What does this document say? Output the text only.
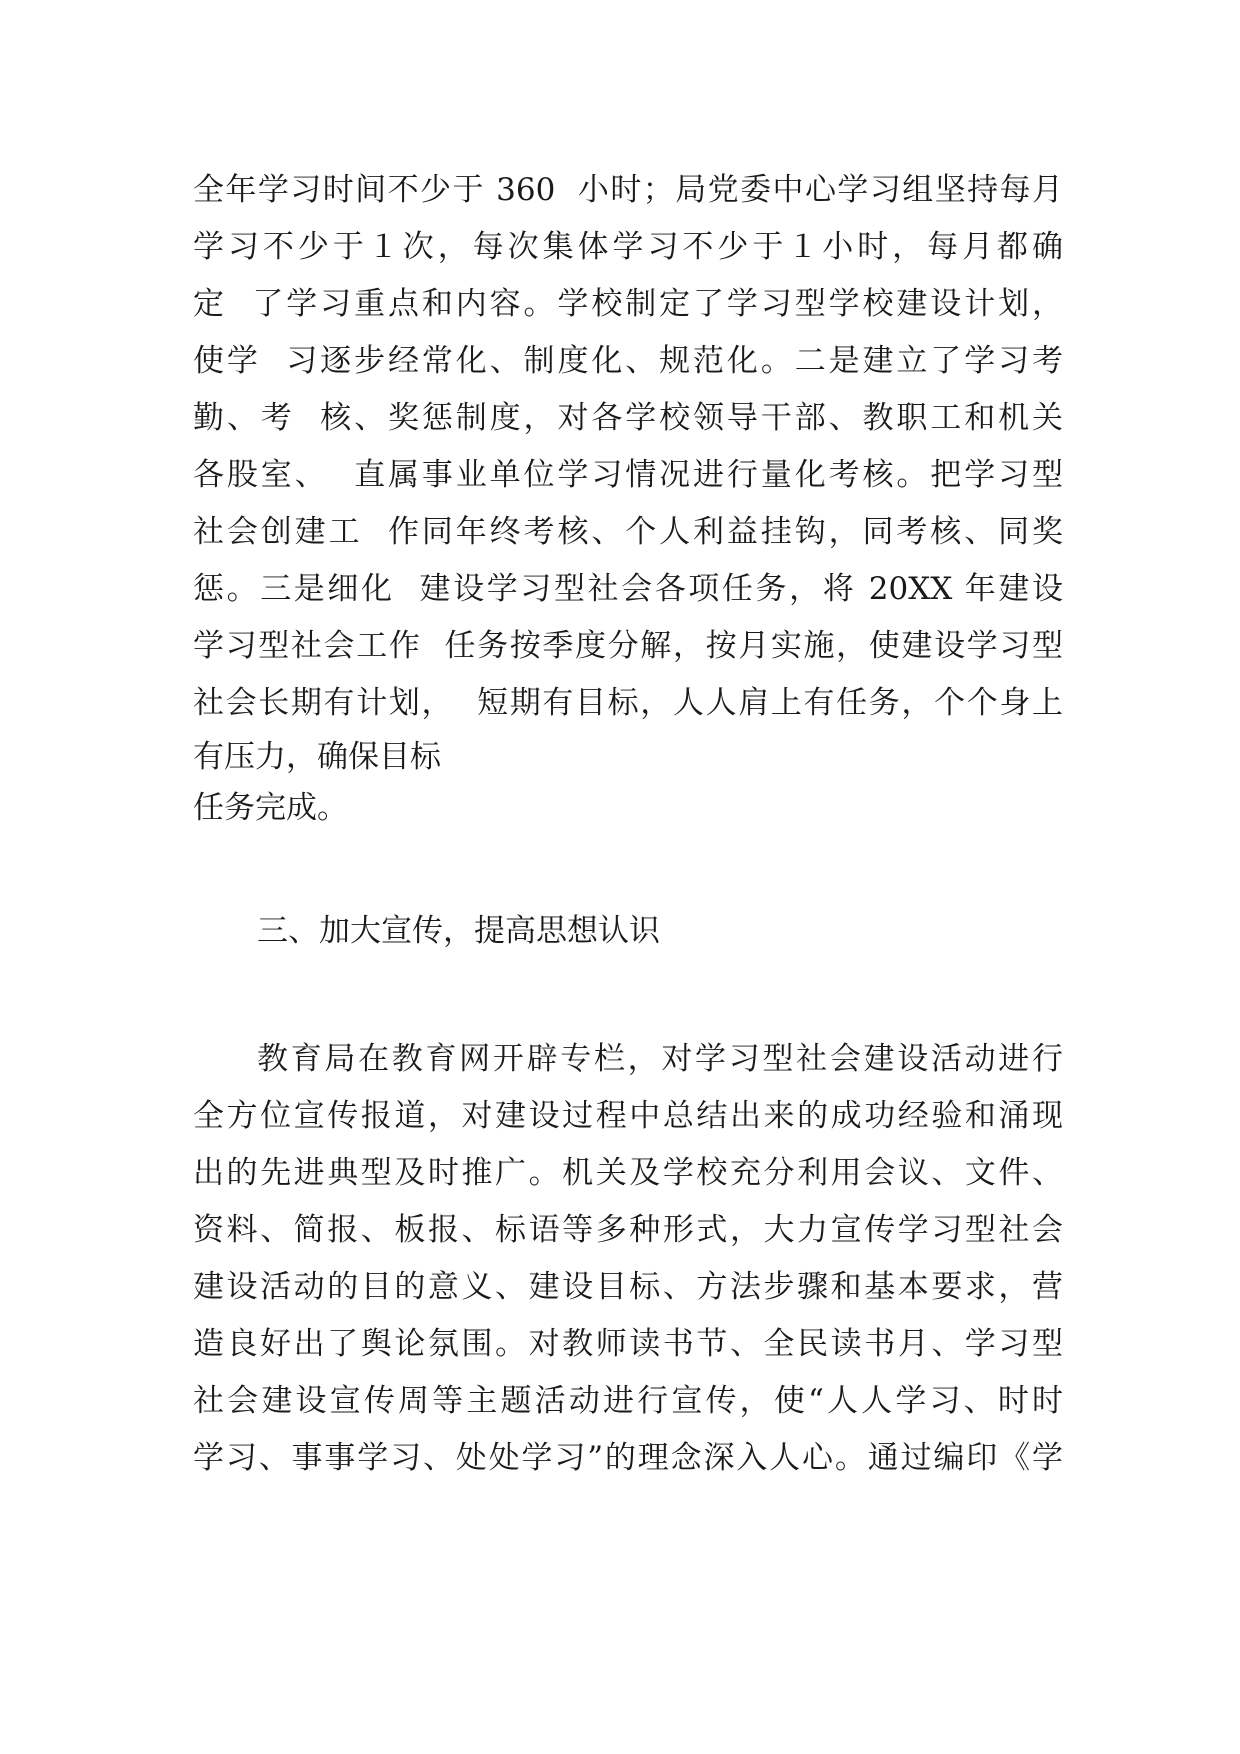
全年学习时间不少于 360  小时；局党委中心学习组坚持每月
学习不少于１次，每次集体学习不少于１小时，每月都确
定  了学习重点和内容。学校制定了学习型学校建设计划，
使学  习逐步经常化、制度化、规范化。二是建立了学习考
勤、考  核、奖惩制度，对各学校领导干部、教职工和机关
各股室、  直属事业单位学习情况进行量化考核。把学习型
社会创建工  作同年终考核、个人利益挂钩，同考核、同奖
惩。三是细化  建设学习型社会各项任务，将 20XX 年建设
学习型社会工作  任务按季度分解，按月实施，使建设学习型
社会长期有计划，  短期有目标，人人肩上有任务，个个身上
有压力，确保目标
任务完成。
三、加大宣传，提高思想认识
教育局在教育网开辟专栏，对学习型社会建设活动进行
全方位宣传报道，对建设过程中总结出来的成功经验和涌现
出的先进典型及时推广。机关及学校充分利用会议、文件、
资料、简报、板报、标语等多种形式，大力宣传学习型社会
建设活动的目的意义、建设目标、方法步骤和基本要求，营
造良好出了舆论氛围。对教师读书节、全民读书月、学习型
社会建设宣传周等主题活动进行宣传，使“人人学习、时时
学习、事事学习、处处学习”的理念深入人心。通过编印《学
